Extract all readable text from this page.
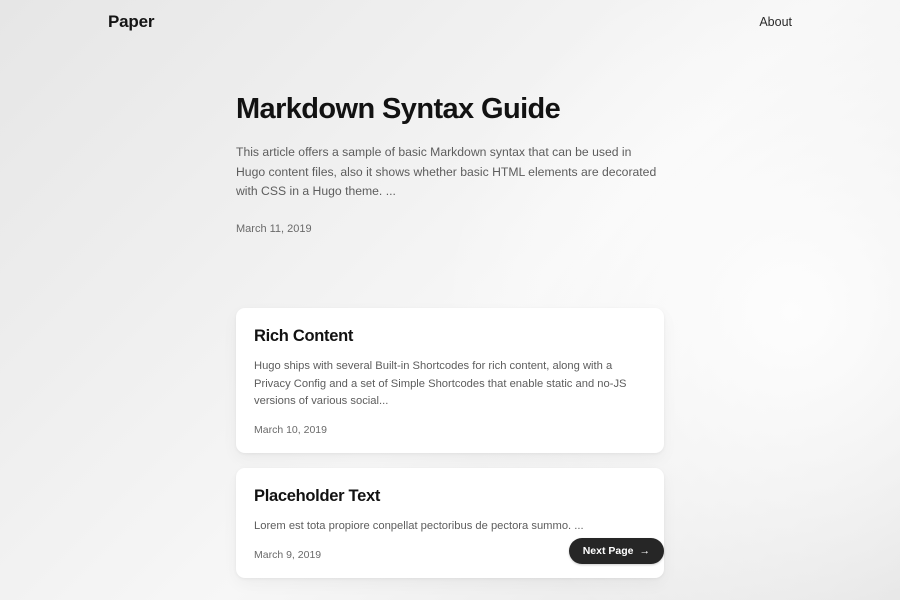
Paper	About
Markdown Syntax Guide

This article offers a sample of basic Markdown syntax that can be used in Hugo content files, also it shows whether basic HTML elements are decorated with CSS in a Hugo theme. ...

March 11, 2019

Rich Content

Hugo ships with several Built-in Shortcodes for rich content, along with a Privacy Config and a set of Simple Shortcodes that enable static and no-JS versions of various social...

March 10, 2019

Placeholder Text

Lorem est tota propiore conpellat pectoribus de pectora summo. ...

March 9, 2019	Next Page →
